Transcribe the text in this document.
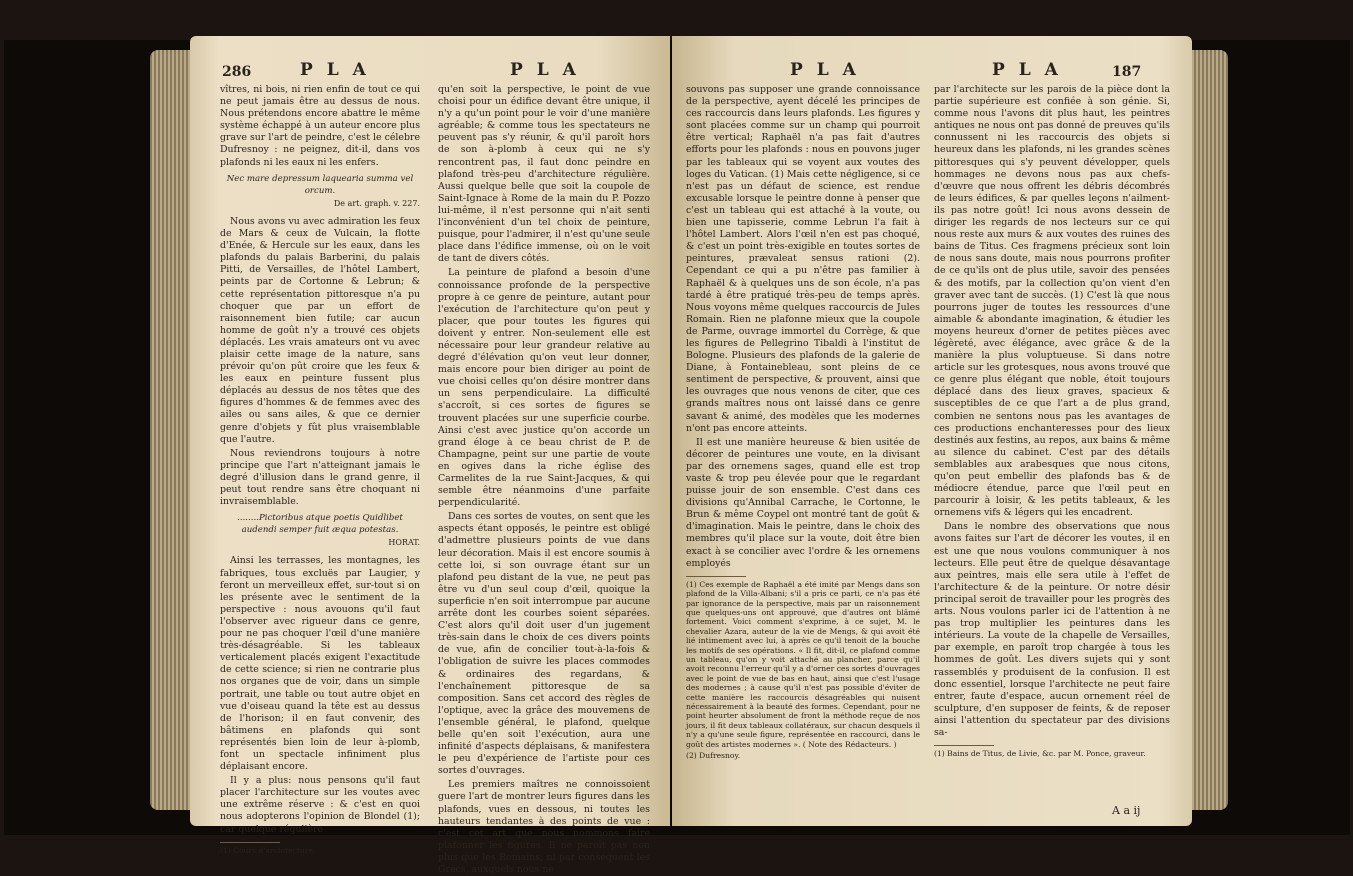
286	P L A	P L A

vîtres, ni bois, ni rien enfin de tout ce qui ne peut jamais être au dessus de nous. Nous prétendons encore abattre le même système échappé à un auteur encore plus grave sur l'art de peindre, c'est le célebre Dufresnoy : ne peignez, dit-il, dans vos plafonds ni les eaux ni les enfers.

Nec mare depressum laquearia summa vel orcum.

De art. graph. v. 227.

Nous avons vu avec admiration les feux de Mars & ceux de Vulcain, la flotte d'Enée, & Hercule sur les eaux, dans les plafonds du palais Barberini, du palais Pitti, de Versailles, de l'hôtel Lambert, peints par de Cortonne & Lebrun; & cette représentation pittoresque n'a pu choquer que par un effort de raisonnement bien futile; car aucun homme de goût n'y a trouvé ces objets déplacés. Les vrais amateurs ont vu avec plaisir cette image de la nature, sans prévoir qu'on pût croire que les feux & les eaux en peinture fussent plus déplacés au dessus de nos têtes que des figures d'hommes & de femmes avec des ailes ou sans ailes, & que ce dernier genre d'objets y fût plus vraisemblable que l'autre.

Nous reviendrons toujours à notre principe que l'art n'atteignant jamais le degré d'illusion dans le grand genre, il peut tout rendre sans être choquant ni invraisemblable.

........Pictoribus atque poetis Quidlibet audendi semper fuit æqua potestas.

HORAT.

Ainsi les terrasses, les montagnes, les fabriques, tous excluës par Laugier, y feront un merveilleux effet, sur-tout si on les présente avec le sentiment de la perspective : nous avouons qu'il faut l'observer avec rigueur dans ce genre, pour ne pas choquer l'œil d'une manière très-désagréable. Si les tableaux verticalement placés exigent l'exactitude de cette science; si rien ne contrarie plus nos organes que de voir, dans un simple portrait, une table ou tout autre objet en vue d'oiseau quand la tête est au dessus de l'horison; il en faut convenir, des bâtimens en plafonds qui sont représentés bien loin de leur à-plomb, font un spectacle infiniment plus déplaisant encore.

Il y a plus: nous pensons qu'il faut placer l'architecture sur les voutes avec une extrême réserve : & c'est en quoi nous adopterons l'opinion de Blondel (1); car quelque régulière

(1) Cours d'architecture.

qu'en soit la perspective, le point de vue choisi pour un édifice devant être unique, il n'y a qu'un point pour le voir d'une manière agréable; & comme tous les spectateurs ne peuvent pas s'y réunir, & qu'il paroît hors de son à-plomb à ceux qui ne s'y rencontrent pas, il faut donc peindre en plafond très-peu d'architecture régulière. Aussi quelque belle que soit la coupole de Saint-Ignace à Rome de la main du P. Pozzo lui-même, il n'est personne qui n'ait senti l'inconvénient d'un tel choix de peinture, puisque, pour l'admirer, il n'est qu'une seule place dans l'édifice immense, où on le voit de tant de divers côtés.

La peinture de plafond a besoin d'une connoissance profonde de la perspective propre à ce genre de peinture, autant pour l'exécution de l'architecture qu'on peut y placer, que pour toutes les figures qui doivent y entrer. Non-seulement elle est nécessaire pour leur grandeur relative au degré d'élévation qu'on veut leur donner, mais encore pour bien diriger au point de vue choisi celles qu'on désire montrer dans un sens perpendiculaire. La difficulté s'accroît, si ces sortes de figures se trouvent placées sur une superficie courbe. Ainsi c'est avec justice qu'on accorde un grand éloge à ce beau christ de P. de Champagne, peint sur une partie de voute en ogives dans la riche église des Carmelites de la rue Saint-Jacques, & qui semble être néanmoins d'une parfaite perpendicularité.

Dans ces sortes de voutes, on sent que les aspects étant opposés, le peintre est obligé d'admettre plusieurs points de vue dans leur décoration. Mais il est encore soumis à cette loi, si son ouvrage étant sur un plafond peu distant de la vue, ne peut pas être vu d'un seul coup d'œil, quoique la superficie n'en soit interrompue par aucune arrête dont les courbes soient séparées. C'est alors qu'il doit user d'un jugement très-sain dans le choix de ces divers points de vue, afin de concilier tout-à-la-fois & l'obligation de suivre les places commodes & ordinaires des regardans, & l'enchaînement pittoresque de sa composition. Sans cet accord des règles de l'optique, avec la grâce des mouvemens de l'ensemble général, le plafond, quelque belle qu'en soit l'exécution, aura une infinité d'aspects déplaisans, & manifestera le peu d'expérience de l'artiste pour ces sortes d'ouvrages.

Les premiers maîtres ne connoissoient guere l'art de montrer leurs figures dans les plafonds, vues en dessous, ni toutes les hauteurs tendantes à des points de vue : c'est cet art que nous nommons faire plafonner les figures. Il ne paroît pas non plus que les Romains, ni par conséquent les Grecs, auxquels nous ne

P L A	P L A	187

souvons pas supposer une grande connoissance de la perspective, ayent décelé les principes de ces raccourcis dans leurs plafonds. Les figures y sont placées comme sur un champ qui pourroit être vertical; Raphaël n'a pas fait d'autres efforts pour les plafonds : nous en pouvons juger par les tableaux qui se voyent aux voutes des loges du Vatican. (1) Mais cette négligence, si ce n'est pas un défaut de science, est rendue excusable lorsque le peintre donne à penser que c'est un tableau qui est attaché à la voute, ou bien une tapisserie, comme Lebrun l'a fait à l'hôtel Lambert. Alors l'œil n'en est pas choqué, & c'est un point très-exigible en toutes sortes de peintures, prævaleat sensus rationi (2). Cependant ce qui a pu n'être pas familier à Raphaël & à quelques uns de son école, n'a pas tardé à être pratiqué très-peu de temps après. Nous voyons même quelques raccourcis de Jules Romain. Rien ne plafonne mieux que la coupole de Parme, ouvrage immortel du Corrège, & que les figures de Pellegrino Tibaldi à l'institut de Bologne. Plusieurs des plafonds de la galerie de Diane, à Fontainebleau, sont pleins de ce sentiment de perspective, & prouvent, ainsi que les ouvrages que nous venons de citer, que ces grands maîtres nous ont laissé dans ce genre savant & animé, des modèles que les modernes n'ont pas encore atteints.

Il est une manière heureuse & bien usitée de décorer de peintures une voute, en la divisant par des ornemens sages, quand elle est trop vaste & trop peu élevée pour que le regardant puisse jouir de son ensemble. C'est dans ces divisions qu'Annibal Carrache, le Cortonne, le Brun & même Coypel ont montré tant de goût & d'imagination. Mais le peintre, dans le choix des membres qu'il place sur la voute, doit être bien exact à se concilier avec l'ordre & les ornemens employés

(1) Ces exemple de Raphaël a été imité par Mengs dans son plafond de la Villa-Albani; s'il a pris ce parti, ce n'a pas été par ignorance de la perspective, mais par un raisonnement que quelques-uns ont approuvé, que d'autres ont blâmé fortement. Voici comment s'exprime, à ce sujet, M. le chevalier Azara, auteur de la vie de Mengs, & qui avoit été lié intimement avec lui, à après ce qu'il tenoit de la bouche les motifs de ses opérations. « Il fit, dit-il, ce plafond comme un tableau, qu'on y voit attaché au plancher, parce qu'il avoit reconnu l'erreur qu'il y a d'orner ces sortes d'ouvrages avec le point de vue de bas en haut, ainsi que c'est l'usage des modernes ; à cause qu'il n'est pas possible d'éviter de cette manière les raccourcis désagréables qui nuisent nécessairement à la beauté des formes. Cependant, pour ne point heurter absolument de front la méthode reçue de nos jours, il fit deux tableaux collatéraux, sur chacun desquels il n'y a qu'une seule figure, représentée en raccourci, dans le goût des artistes modernes ». ( Note des Rédacteurs. )

(2) Dufresnoy.

par l'architecte sur les parois de la pièce dont la partie supérieure est confiée à son génie. Si, comme nous l'avons dit plus haut, les peintres antiques ne nous ont pas donné de preuves qu'ils connussent ni les raccourcis des objets si heureux dans les plafonds, ni les grandes scènes pittoresques qui s'y peuvent développer, quels hommages ne devons nous pas aux chefs-d'œuvre que nous offrent les débris décombrés de leurs édifices, & par quelles leçons n'ailment-ils pas notre goût! Ici nous avons dessein de diriger les regards de nos lecteurs sur ce qui nous reste aux murs & aux voutes des ruines des bains de Titus. Ces fragmens précieux sont loin de nous sans doute, mais nous pourrons profiter de ce qu'ils ont de plus utile, savoir des pensées & des motifs, par la collection qu'on vient d'en graver avec tant de succès. (1) C'est là que nous pourrons juger de toutes les ressources d'une aimable & abondante imagination, & étudier les moyens heureux d'orner de petites pièces avec légèreté, avec élégance, avec grâce & de la manière la plus voluptueuse. Si dans notre article sur les grotesques, nous avons trouvé que ce genre plus élégant que noble, étoit toujours déplacé dans des lieux graves, spacieux & susceptibles de ce que l'art a de plus grand, combien ne sentons nous pas les avantages de ces productions enchanteresses pour des lieux destinés aux festins, au repos, aux bains & même au silence du cabinet. C'est par des détails semblables aux arabesques que nous citons, qu'on peut embellir des plafonds bas & de médiocre étendue, parce que l'œil peut en parcourir à loisir, & les petits tableaux, & les ornemens vifs & légers qui les encadrent.

Dans le nombre des observations que nous avons faites sur l'art de décorer les voutes, il en est une que nous voulons communiquer à nos lecteurs. Elle peut être de quelque désavantage aux peintres, mais elle sera utile à l'effet de l'architecture & de la peinture. Or notre désir principal seroit de travailler pour les progrès des arts. Nous voulons parler ici de l'attention à ne pas trop multiplier les peintures dans les intérieurs. La voute de la chapelle de Versailles, par exemple, en paroît trop chargée à tous les hommes de goût. Les divers sujets qui y sont rassemblés y produisent de la confusion. Il est donc essentiel, lorsque l'architecte ne peut faire entrer, faute d'espace, aucun ornement réel de sculpture, d'en supposer de feints, & de reposer ainsi l'attention du spectateur par des divisions sa-

(1) Bains de Titus, de Livie, &c. par M. Ponce, graveur.

A a ij
